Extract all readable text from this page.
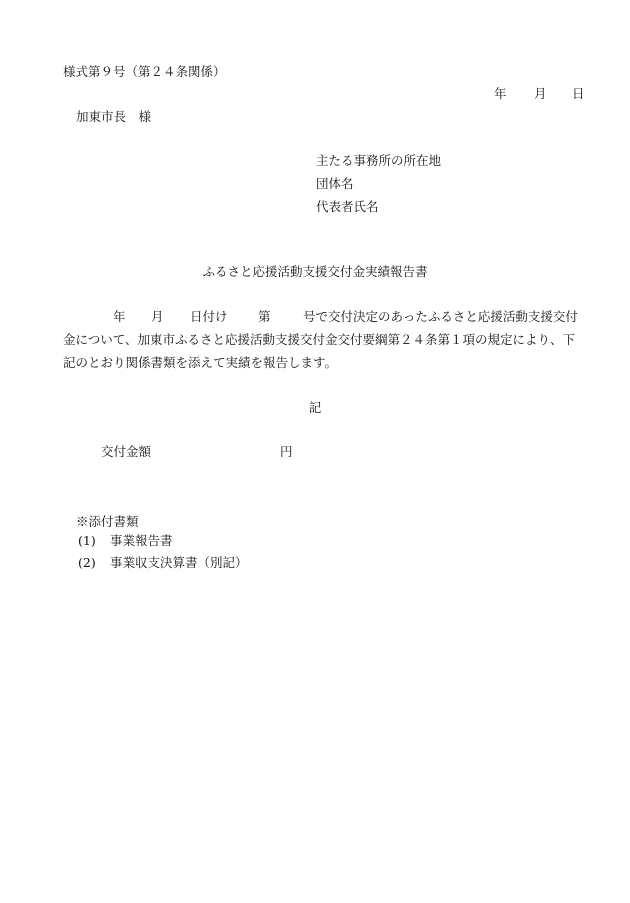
様式第９号（第２４条関係）
年 月 日
加東市長　様
主たる事務所の所在地
団体名
代表者氏名
ふるさと応援活動支援交付金実績報告書
年 月 日付け 第	号で交付決定のあったふるさと応援活動支援交付
金について、加東市ふるさと応援活動支援交付金交付要綱第２４条第１項の規定により、下
記のとおり関係書類を添えて実績を報告します。
記
交付金額	円
※添付書類
(1) 事業報告書
(2) 事業収支決算書（別記）
